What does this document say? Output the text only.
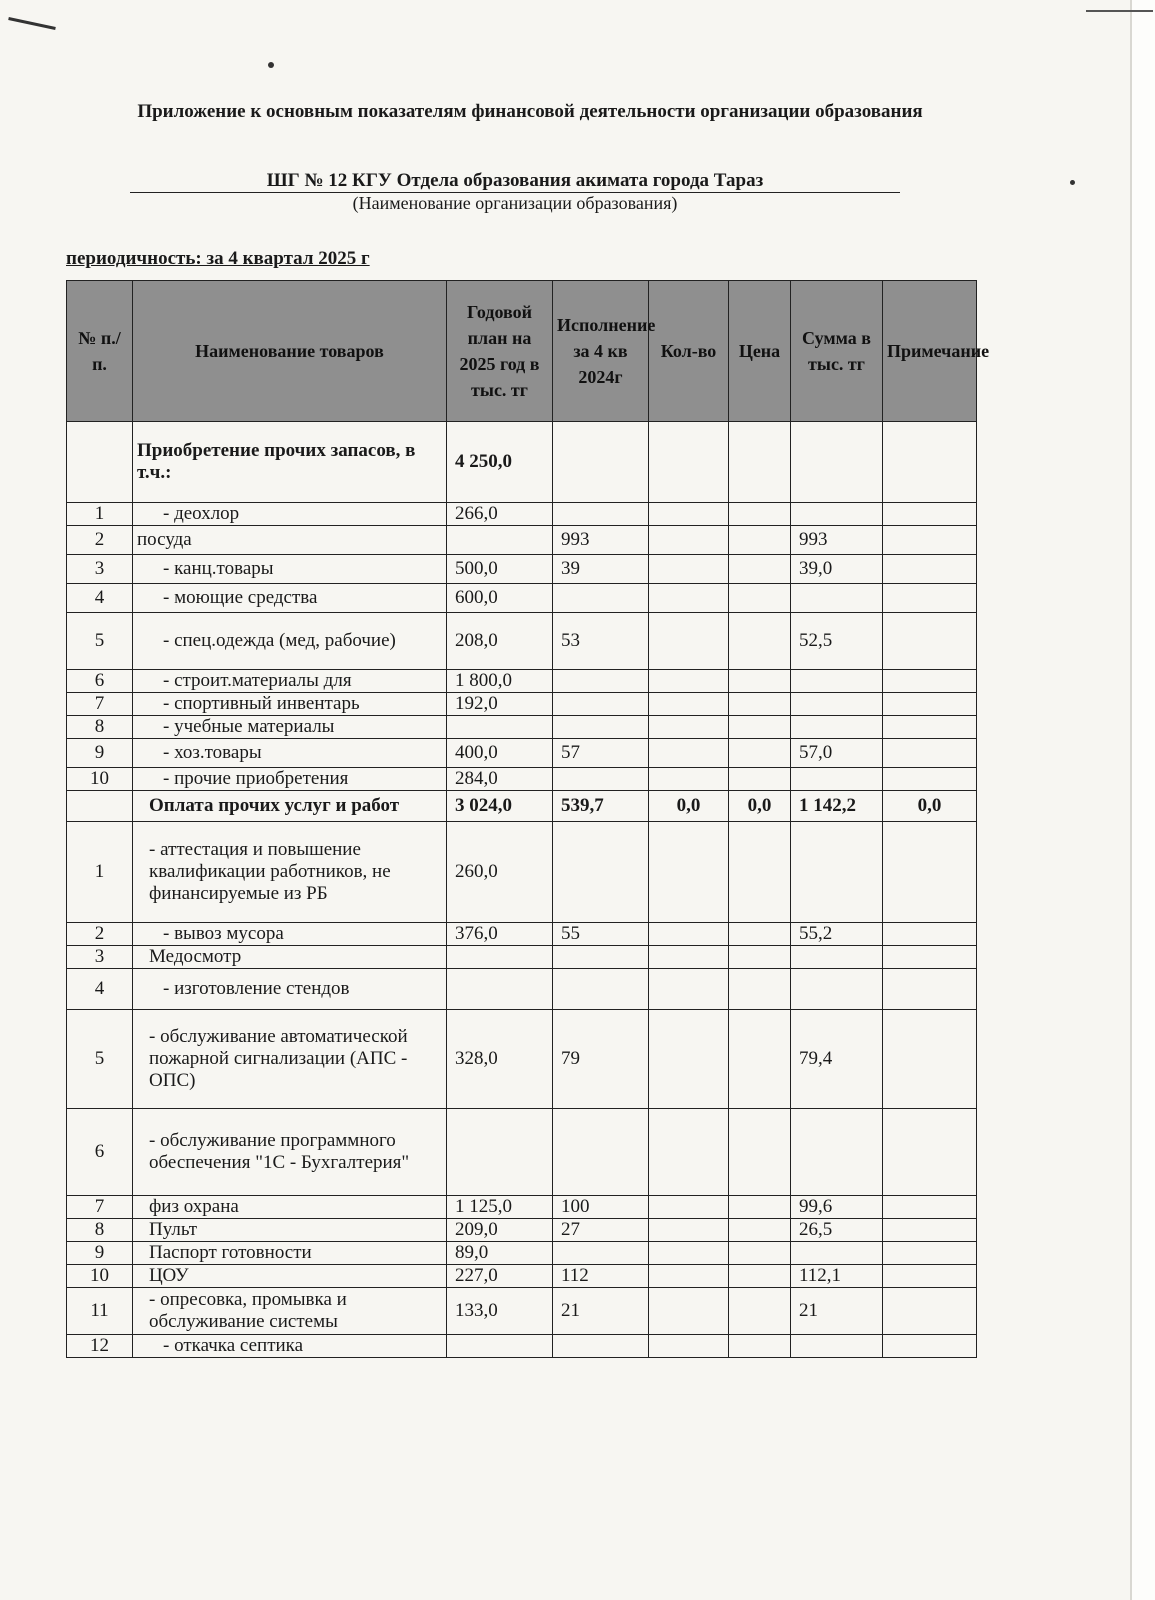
Приложение к основным показателям финансовой деятельности организации образования
ШГ № 12 КГУ Отдела образования акимата города Тараз
(Наименование организации образования)
периодичность: за 4 квартал 2025 г
№ п./п.	Наименование товаров	Годовой план на 2025 год в тыс. тг	Исполнение за 4 кв 2024г	Кол-во	Цена	Сумма в тыс. тг	Примечание
	Приобретение прочих запасов, в т.ч.:	4 250,0					
1	- деохлор	266,0					
2	посуда		993			993	
3	- канц.товары	500,0	39			39,0	
4	- моющие средства	600,0					
5	- спец.одежда (мед, рабочие)	208,0	53			52,5	
6	- строит.материалы для	1 800,0					
7	- спортивный инвентарь	192,0					
8	- учебные материалы						
9	- хоз.товары	400,0	57			57,0	
10	- прочие приобретения	284,0					
	Оплата прочих услуг и работ	3 024,0	539,7	0,0	0,0	1 142,2	0,0
1	- аттестация и повышение квалификации работников, не финансируемые из РБ	260,0					
2	- вывоз мусора	376,0	55			55,2	
3	Медосмотр						
4	- изготовление стендов						
5	- обслуживание автоматической пожарной сигнализации (АПС - ОПС)	328,0	79			79,4	
6	- обслуживание программного обеспечения "1С - Бухгалтерия"						
7	физ охрана	1 125,0	100			99,6	
8	Пульт	209,0	27			26,5	
9	Паспорт готовности	89,0					
10	ЦОУ	227,0	112			112,1	
11	- опресовка, промывка и обслуживание системы	133,0	21			21	
12	- откачка септика						
